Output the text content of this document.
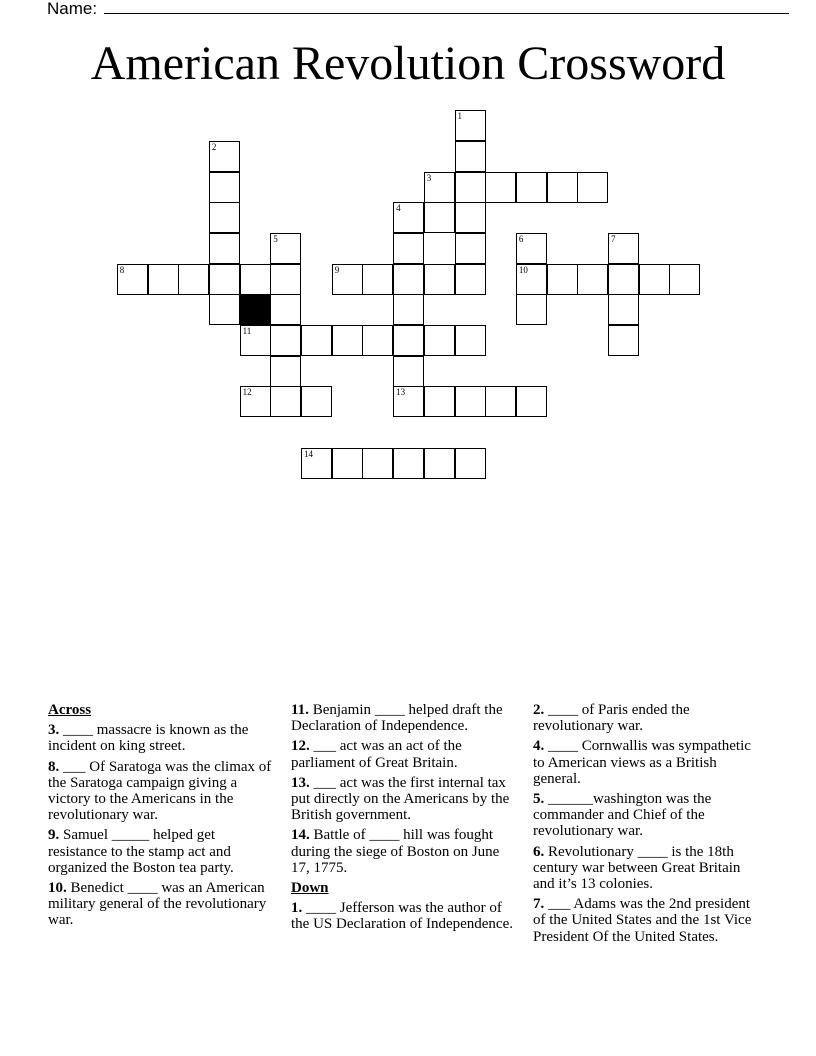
Name:
American Revolution Crossword
1
2
3
4
5	6
10
7
8	9
11
13
12
14
Across
3. ____ massacre is known as the incident on king street.
8. ___ Of Saratoga was the climax of the Saratoga campaign giving a victory to the Americans in the revolutionary war.
9. Samuel _____ helped get resistance to the stamp act and organized the Boston tea party.
10. Benedict ____ was an American military general of the revolutionary war.
11. Benjamin ____ helped draft the Declaration of Independence.
12. ___ act was an act of the parliament of Great Britain.
13. ___ act was the first internal tax put directly on the Americans by the British government.
14. Battle of ____ hill was fought during the siege of Boston on June 17, 1775.
Down
1. ____ Jefferson was the author of the US Declaration of Independence.
2. ____ of Paris ended the revolutionary war.
4. ____ Cornwallis was sympathetic to American views as a British general.
5. ______washington was the commander and Chief of the revolutionary war.
6. Revolutionary ____ is the 18th century war between Great Britain and it’s 13 colonies.
7. ___ Adams was the 2nd president of the United States and the 1st Vice President Of the United States.
